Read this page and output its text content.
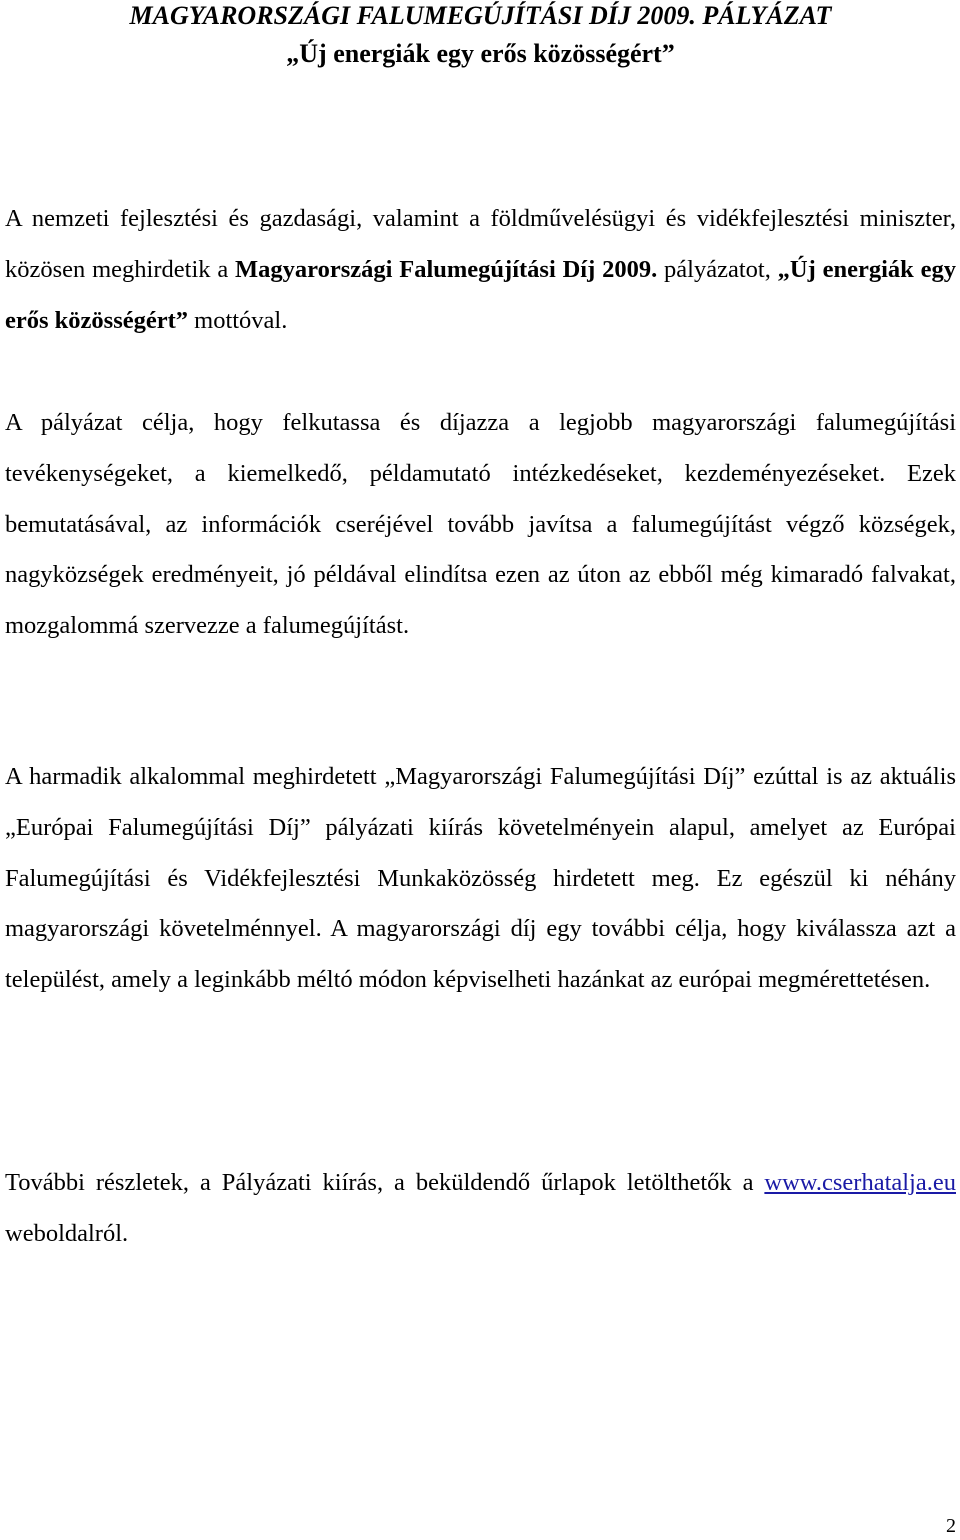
MAGYARORSZÁGI FALUMEGÚJÍTÁSI DÍJ 2009. PÁLYÁZAT
„Új energiák egy erős közösségért”

A nemzeti fejlesztési és gazdasági, valamint a földművelésügyi és vidékfejlesztési miniszter, közösen meghirdetik a Magyarországi Falumegújítási Díj 2009. pályázatot, „Új energiák egy erős közösségért” mottóval.

A pályázat célja, hogy felkutassa és díjazza a legjobb magyarországi falumegújítási tevékenységeket, a kiemelkedő, példamutató intézkedéseket, kezdeményezéseket. Ezek bemutatásával, az információk cseréjével tovább javítsa a falumegújítást végző községek, nagyközségek eredményeit, jó példával elindítsa ezen az úton az ebből még kimaradó falvakat, mozgalommá szervezze a falumegújítást.

A harmadik alkalommal meghirdetett „Magyarországi Falumegújítási Díj” ezúttal is az aktuális „Európai Falumegújítási Díj” pályázati kiírás követelményein alapul, amelyet az Európai Falumegújítási és Vidékfejlesztési Munkaközösség hirdetett meg. Ez egészül ki néhány magyarországi követelménnyel. A magyarországi díj egy további célja, hogy kiválassza azt a települést, amely a leginkább méltó módon képviselheti hazánkat az európai megmérettetésen.

További részletek, a Pályázati kiírás, a beküldendő űrlapok letölthetők a www.cserhatalja.eu weboldalról.

2
